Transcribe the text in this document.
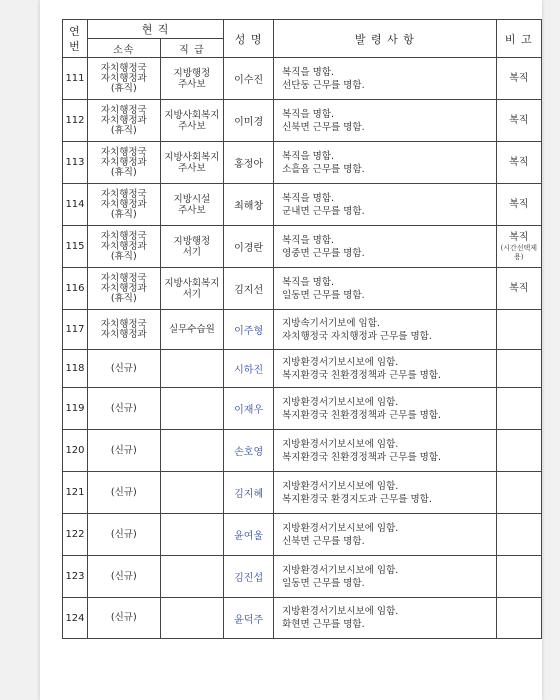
연
번	현 직		성 명	발 령 사 항	비 고
	소속	직 급			
111	자치행정국
자치행정과
(휴직)	지방행정
주사보	이수진	복직을 명함.
선단동 근무를 명함.	복직
112	자치행정국
자치행정과
(휴직)	지방사회복지
주사보	이미경	복직을 명함.
신북면 근무를 명함.	복직
113	자치행정국
자치행정과
(휴직)	지방사회복지
주사보	홍정아	복직을 명함.
소흘읍 근무를 명함.	복직
114	자치행정국
자치행정과
(휴직)	지방시설
주사보	최해창	복직을 명함.
군내면 근무를 명함.	복직
115	자치행정국
자치행정과
(휴직)	지방행정
서기	이경란	복직을 명함.
영중면 근무를 명함.	복직
(시간선택제용)

116	자치행정국
자치행정과
(휴직)	지방사회복지
서기	김지선	복직을 명함.
일동면 근무를 명함.	복직
117	자치행정국
자치행정과	실무수습원	이주형	지방속기서기보에 임함.
자치행정국 자치행정과 근무를 명함.	
118	(신규)		시하진	지방환경서기보시보에 임함.
복지환경국 친환경정책과 근무를 명함.	
119	(신규)		이재우	지방환경서기보시보에 임함.
복지환경국 친환경정책과 근무를 명함.	
120	(신규)		손호영	지방환경서기보시보에 임함.
복지환경국 친환경정책과 근무를 명함.	
121	(신규)		김지혜	지방환경서기보시보에 임함.
복지환경국 환경지도과 근무를 명함.	
122	(신규)		윤여울	지방환경서기보시보에 임함.
신북면 근무를 명함.	
123	(신규)		김진섭	지방환경서기보시보에 임함.
일동면 근무를 명함.	
124	(신규)		윤덕주	지방환경서기보시보에 임함.
화현면 근무를 명함.	
